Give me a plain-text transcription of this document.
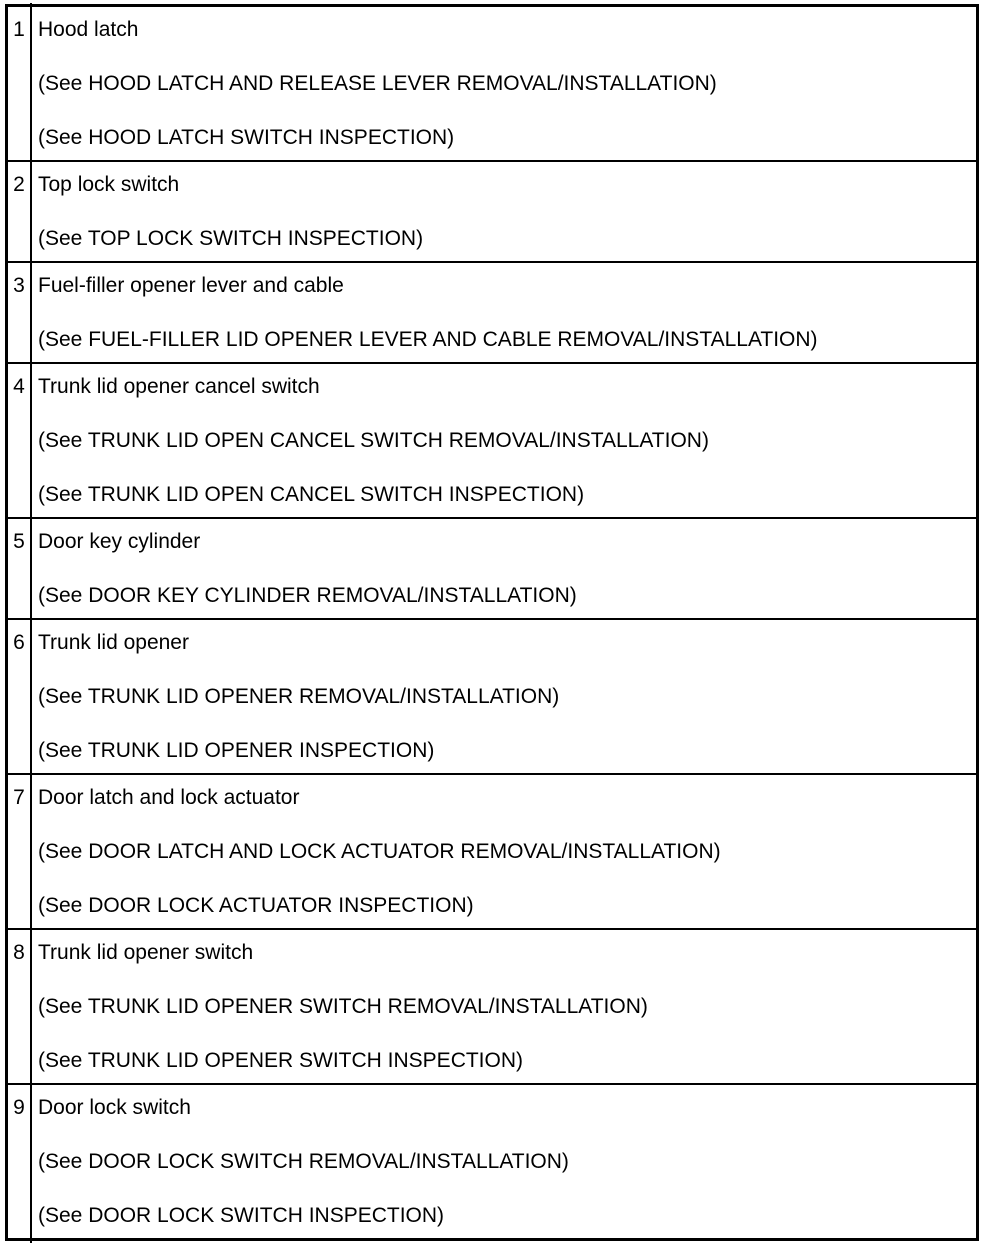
1 Hood latch
(See HOOD LATCH AND RELEASE LEVER REMOVAL/INSTALLATION)
(See HOOD LATCH SWITCH INSPECTION)
2 Top lock switch
(See TOP LOCK SWITCH INSPECTION)
3 Fuel-filler opener lever and cable
(See FUEL-FILLER LID OPENER LEVER AND CABLE REMOVAL/INSTALLATION)
4 Trunk lid opener cancel switch
(See TRUNK LID OPEN CANCEL SWITCH REMOVAL/INSTALLATION)
(See TRUNK LID OPEN CANCEL SWITCH INSPECTION)
5 Door key cylinder
(See DOOR KEY CYLINDER REMOVAL/INSTALLATION)
6 Trunk lid opener
(See TRUNK LID OPENER REMOVAL/INSTALLATION)
(See TRUNK LID OPENER INSPECTION)
7 Door latch and lock actuator
(See DOOR LATCH AND LOCK ACTUATOR REMOVAL/INSTALLATION)
(See DOOR LOCK ACTUATOR INSPECTION)
8 Trunk lid opener switch
(See TRUNK LID OPENER SWITCH REMOVAL/INSTALLATION)
(See TRUNK LID OPENER SWITCH INSPECTION)
9 Door lock switch
(See DOOR LOCK SWITCH REMOVAL/INSTALLATION)
(See DOOR LOCK SWITCH INSPECTION)
